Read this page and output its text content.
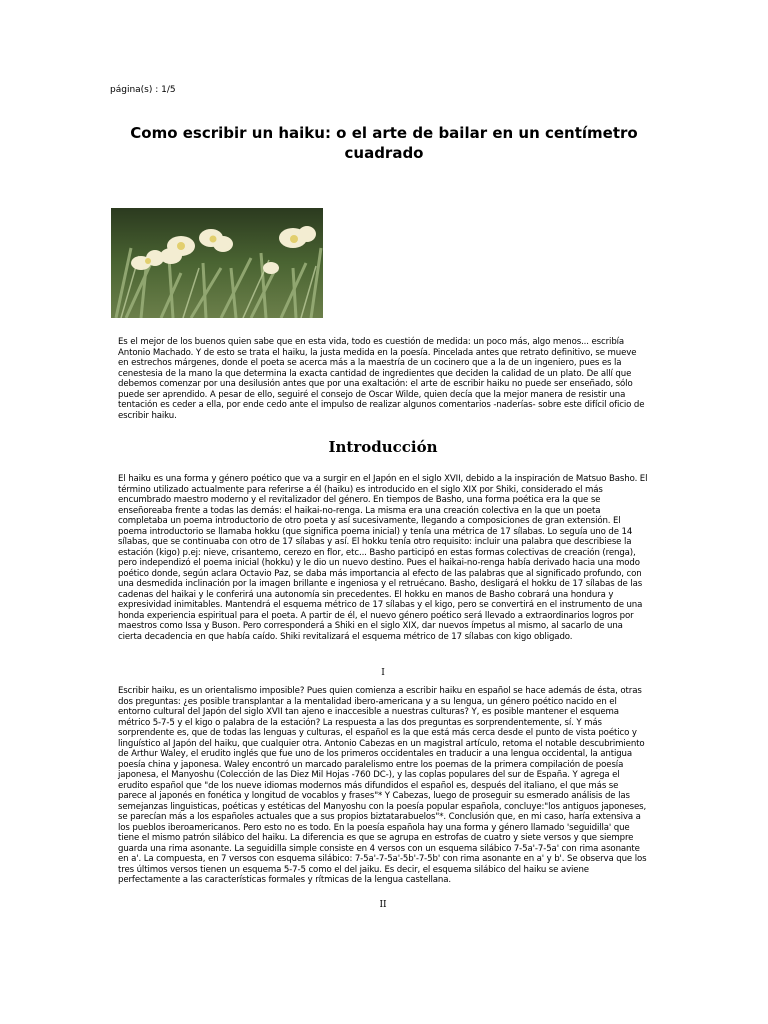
página(s) : 1/5
Como escribir un haiku: o el arte de bailar en un centímetro cuadrado

Es el mejor de los buenos quien sabe que en esta vida, todo es cuestión de medida: un poco más, algo menos... escribía Antonio Machado. Y de esto se trata el haiku, la justa medida en la poesía. Pincelada antes que retrato definitivo, se mueve en estrechos márgenes, donde el poeta se acerca más a la maestría de un cocinero que a la de un ingeniero, pues es la cenestesia de la mano la que determina la exacta cantidad de ingredientes que deciden la calidad de un plato. De allí que debemos comenzar por una desilusión antes que por una exaltación: el arte de escribir haiku no puede ser enseñado, sólo puede ser aprendido. A pesar de ello, seguiré el consejo de Oscar Wilde, quien decía que la mejor manera de resistir una tentación es ceder a ella, por ende cedo ante el impulso de realizar algunos comentarios -naderías- sobre este difícil oficio de escribir haiku.

Introducción

El haiku es una forma y género poético que va a surgir en el Japón en el siglo XVII, debido a la inspiración de Matsuo Basho. El término utilizado actualmente para referirse a él (haiku) es introducido en el siglo XIX por Shiki, considerado el más encumbrado maestro moderno y el revitalizador del género. En tiempos de Basho, una forma poética era la que se enseñoreaba frente a todas las demás: el haikai-no-renga. La misma era una creación colectiva en la que un poeta completaba un poema introductorio de otro poeta y así sucesivamente, llegando a composiciones de gran extensión. El poema introductorio se llamaba hokku (que significa poema inicial) y tenía una métrica de 17 sílabas. Lo seguía uno de 14 sílabas, que se continuaba con otro de 17 sílabas y así. El hokku tenía otro requisito: incluir una palabra que describiese la estación (kigo) p.ej: nieve, crisantemo, cerezo en flor, etc... Basho participó en estas formas colectivas de creación (renga), pero independizó el poema inicial (hokku) y le dio un nuevo destino. Pues el haikai-no-renga había derivado hacia una modo poético donde, según aclara Octavio Paz, se daba más importancia al efecto de las palabras que al significado profundo, con una desmedida inclinación por la imagen brillante e ingeniosa y el retruécano. Basho, desligará el hokku de 17 sílabas de las cadenas del haikai y le conferirá una autonomía sin precedentes. El hokku en manos de Basho cobrará una hondura y expresividad inimitables. Mantendrá el esquema métrico de 17 sílabas y el kigo, pero se convertirá en el instrumento de una honda experiencia espiritual para el poeta. A partir de él, el nuevo género poético será llevado a extraordinarios logros por maestros como Issa y Buson. Pero corresponderá a Shiki en el siglo XIX, dar nuevos ímpetus al mismo, al sacarlo de una cierta decadencia en que había caído. Shiki revitalizará el esquema métrico de 17 sílabas con kigo obligado.

I

Escribir haiku, es un orientalismo imposible? Pues quien comienza a escribir haiku en español se hace además de ésta, otras dos preguntas: ¿es posible transplantar a la mentalidad ibero-americana y a su lengua, un género poético nacido en el entorno cultural del Japón del siglo XVII tan ajeno e inaccesible a nuestras culturas? Y, es posible mantener el esquema métrico 5-7-5 y el kigo o palabra de la estación? La respuesta a las dos preguntas es sorprendentemente, sí. Y más sorprendente es, que de todas las lenguas y culturas, el español es la que está más cerca desde el punto de vista poético y linguístico al Japón del haiku, que cualquier otra. Antonio Cabezas en un magistral artículo, retoma el notable descubrimiento de Arthur Waley, el erudito inglés que fue uno de los primeros occidentales en traducir a una lengua occidental, la antigua poesía china y japonesa. Waley encontró un marcado paralelismo entre los poemas de la primera compilación de poesía japonesa, el Manyoshu (Colección de las Diez Mil Hojas -760 DC-), y las coplas populares del sur de España. Y agrega el erudito español que "de los nueve idiomas modernos más difundidos el español es, después del italiano, el que más se parece al japonés en fonética y longitud de vocablos y frases"* Y Cabezas, luego de proseguir su esmerado análisis de las semejanzas linguisticas, poéticas y estéticas del Manyoshu con la poesía popular española, concluye:"los antiguos japoneses, se parecían más a los españoles actuales que a sus propios biztatarabuelos"*. Conclusión que, en mi caso, haría extensiva a los pueblos iberoamericanos. Pero esto no es todo. En la poesía española hay una forma y género llamado 'seguidilla' que tiene el mismo patrón silábico del haiku. La diferencia es que se agrupa en estrofas de cuatro y siete versos y que siempre guarda una rima asonante. La seguidilla simple consiste en 4 versos con un esquema silábico 7-5a'-7-5a' con rima asonante en a'. La compuesta, en 7 versos con esquema silábico: 7-5a'-7-5a'-5b'-7-5b' con rima asonante en a' y b'. Se observa que los tres últimos versos tienen un esquema 5-7-5 como el del jaiku. Es decir, el esquema silábico del haiku se aviene perfectamente a las características formales y rítmicas de la lengua castellana.

II
